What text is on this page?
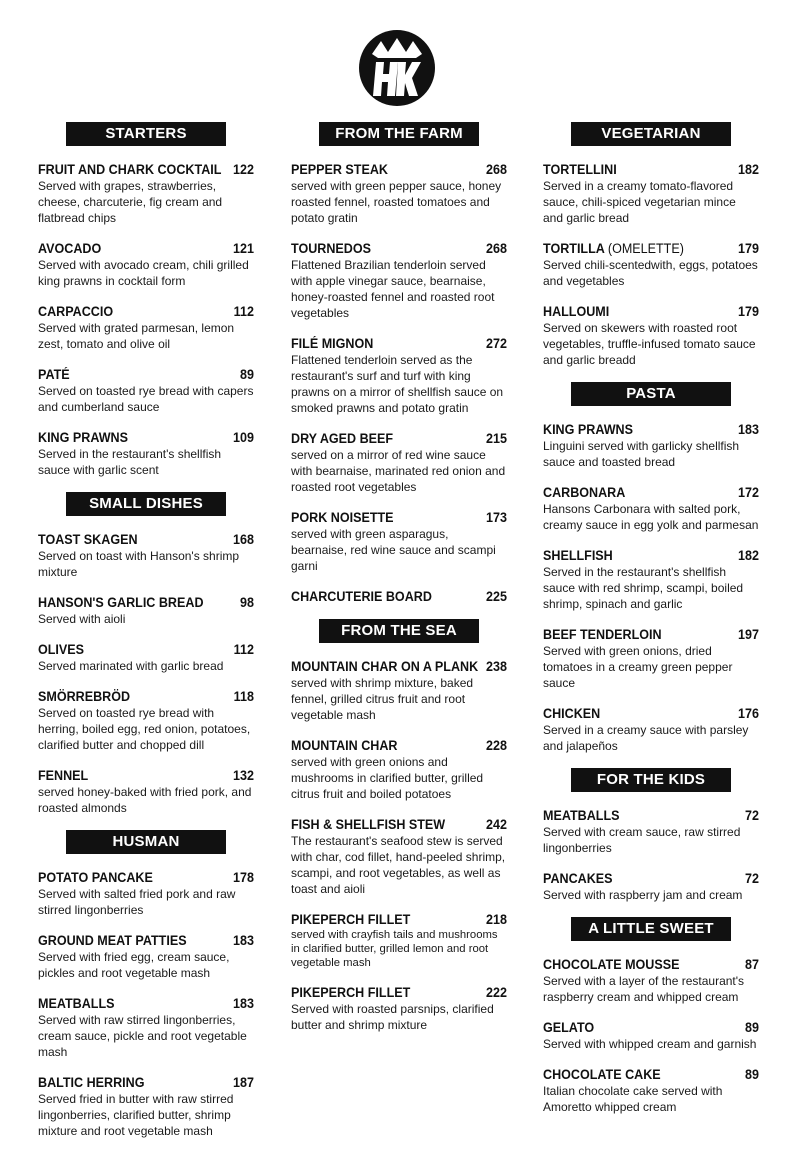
STARTERS
FRUIT AND CHARK COCKTAIL 122
Served with grapes, strawberries, cheese, charcuterie, fig cream and flatbread chips
AVOCADO	121
Served with avocado cream, chili grilled king prawns in cocktail form
CARPACCIO	112
Served with grated parmesan, lemon zest, tomato and olive oil
PATÉ	89
Served on toasted rye bread with capers and cumberland sauce
KING PRAWNS	109
Served in the restaurant's shellfish sauce with garlic scent
SMALL DISHES
TOAST SKAGEN	168
Served on toast with Hanson's shrimp mixture
HANSON'S GARLIC BREAD	98
Served with aioli
OLIVES	112
Served marinated with garlic bread
SMÖRREBRÖD	118
Served on toasted rye bread with herring, boiled egg, red onion, potatoes, clarified butter and chopped dill
FENNEL	132
served honey-baked with fried pork, and roasted almonds
HUSMAN
POTATO PANCAKE	178
Served with salted fried pork and raw stirred lingonberries
GROUND MEAT PATTIES	183
Served with fried egg, cream sauce, pickles and root vegetable mash
MEATBALLS	183
Served with raw stirred lingonberries, cream sauce, pickle and root vegetable mash
BALTIC HERRING	187
Served fried in butter with raw stirred lingonberries, clarified butter, shrimp mixture and root vegetable mash
FROM THE FARM
PEPPER STEAK	268
served with green pepper sauce, honey roasted fennel, roasted tomatoes and potato gratin
TOURNEDOS	268
Flattened Brazilian tenderloin served with apple vinegar sauce, bearnaise, honey-roasted fennel and roasted root vegetables
FILÉ MIGNON	272
Flattened tenderloin served as the restaurant's surf and turf with king prawns on a mirror of shellfish sauce on smoked prawns and potato gratin
DRY AGED BEEF	215
served on a mirror of red wine sauce with bearnaise, marinated red onion and roasted root vegetables
PORK NOISETTE	173
served with green asparagus, bearnaise, red wine sauce and scampi garni
CHARCUTERIE BOARD	225
FROM THE SEA
MOUNTAIN CHAR ON A PLANK 238
served with shrimp mixture, baked fennel, grilled citrus fruit and root vegetable mash
MOUNTAIN CHAR	228
served with green onions and mushrooms in clarified butter, grilled citrus fruit and boiled potatoes
FISH & SHELLFISH STEW	242
The restaurant's seafood stew is served with char, cod fillet, hand-peeled shrimp, scampi, and root vegetables, as well as toast and aioli
PIKEPERCH FILLET	218
served with crayfish tails and mushrooms in clarified butter, grilled lemon and root vegetable mash
PIKEPERCH FILLET	222
Served with roasted parsnips, clarified butter and shrimp mixture
VEGETARIAN
TORTELLINI	182
Served in a creamy tomato-flavored sauce, chili-spiced vegetarian mince and garlic bread
TORTILLA (OMELETTE)	179
Served chili-scentedwith, eggs, potatoes and vegetables
HALLOUMI	179
Served on skewers with roasted root vegetables, truffle-infused tomato sauce and garlic breadd
PASTA
KING PRAWNS	183
Linguini served with garlicky shellfish sauce and toasted bread
CARBONARA	172
Hansons Carbonara with salted pork, creamy sauce in egg yolk and parmesan
SHELLFISH	182
Served in the restaurant's shellfish sauce with red shrimp, scampi, boiled shrimp, spinach and garlic
BEEF TENDERLOIN	197
Served with green onions, dried tomatoes in a creamy green pepper sauce
CHICKEN	176
Served in a creamy sauce with parsley and jalapeños
FOR THE KIDS
MEATBALLS	72
Served with cream sauce, raw stirred lingonberries
PANCAKES	72
Served with raspberry jam and cream
A LITTLE SWEET
CHOCOLATE MOUSSE	87
Served with a layer of the restaurant's raspberry cream and whipped cream
GELATO	89
Served with whipped cream and garnish
CHOCOLATE CAKE	89
Italian chocolate cake served with Amoretto whipped cream
